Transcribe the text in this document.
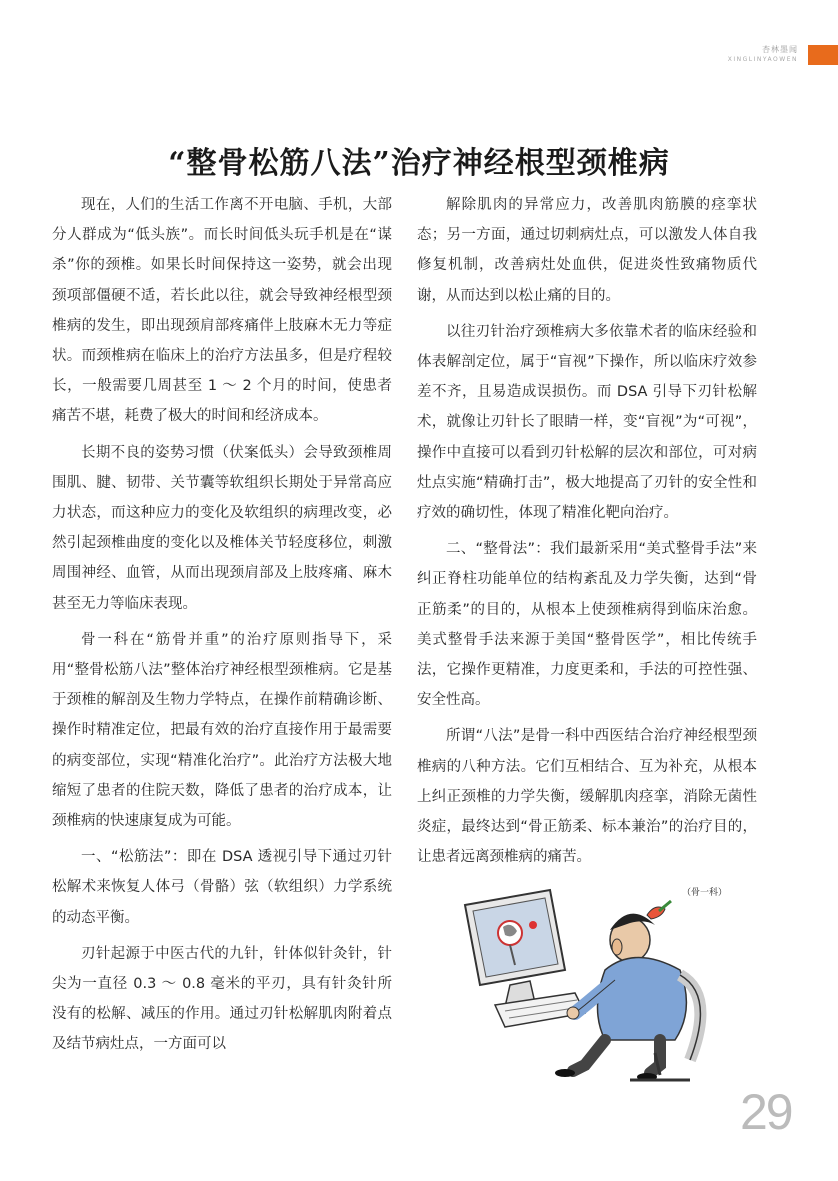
杏林墨闻
XINGLINYAOWEN
“整骨松筋八法”治疗神经根型颈椎病

现在，人们的生活工作离不开电脑、手机，大部分人群成为“低头族”。而长时间低头玩手机是在“谋杀”你的颈椎。如果长时间保持这一姿势，就会出现颈项部僵硬不适，若长此以往，就会导致神经根型颈椎病的发生，即出现颈肩部疼痛伴上肢麻木无力等症状。而颈椎病在临床上的治疗方法虽多，但是疗程较长，一般需要几周甚至 1 ～ 2 个月的时间，使患者痛苦不堪，耗费了极大的时间和经济成本。

长期不良的姿势习惯（伏案低头）会导致颈椎周围肌、腱、韧带、关节囊等软组织长期处于异常高应力状态，而这种应力的变化及软组织的病理改变，必然引起颈椎曲度的变化以及椎体关节轻度移位，刺激周围神经、血管，从而出现颈肩部及上肢疼痛、麻木甚至无力等临床表现。

骨一科在“筋骨并重”的治疗原则指导下，采用“整骨松筋八法”整体治疗神经根型颈椎病。它是基于颈椎的解剖及生物力学特点，在操作前精确诊断、操作时精准定位，把最有效的治疗直接作用于最需要的病变部位，实现“精准化治疗”。此治疗方法极大地缩短了患者的住院天数，降低了患者的治疗成本，让颈椎病的快速康复成为可能。

一、“松筋法”：即在 DSA 透视引导下通过刃针松解术来恢复人体弓（骨骼）弦（软组织）力学系统的动态平衡。

刃针起源于中医古代的九针，针体似针灸针，针尖为一直径 0.3 ～ 0.8 毫米的平刃，具有针灸针所没有的松解、减压的作用。通过刃针松解肌肉附着点及结节病灶点，一方面可以

解除肌肉的异常应力，改善肌肉筋膜的痉挛状态；另一方面，通过切刺病灶点，可以激发人体自我修复机制，改善病灶处血供，促进炎性致痛物质代谢，从而达到以松止痛的目的。

以往刃针治疗颈椎病大多依靠术者的临床经验和体表解剖定位，属于“盲视”下操作，所以临床疗效参差不齐，且易造成误损伤。而 DSA 引导下刃针松解术，就像让刃针长了眼睛一样，变“盲视”为“可视”，操作中直接可以看到刃针松解的层次和部位，可对病灶点实施“精确打击”，极大地提高了刃针的安全性和疗效的确切性，体现了精准化靶向治疗。

二、“整骨法”：我们最新采用“美式整骨手法”来纠正脊柱功能单位的结构紊乱及力学失衡，达到“骨正筋柔”的目的，从根本上使颈椎病得到临床治愈。美式整骨手法来源于美国“整骨医学”，相比传统手法，它操作更精准，力度更柔和，手法的可控性强、安全性高。

所谓“八法”是骨一科中西医结合治疗神经根型颈椎病的八种方法。它们互相结合、互为补充，从根本上纠正颈椎的力学失衡，缓解肌肉痉挛，消除无菌性炎症，最终达到“骨正筋柔、标本兼治”的治疗目的，让患者远离颈椎病的痛苦。

（骨一科）
29
